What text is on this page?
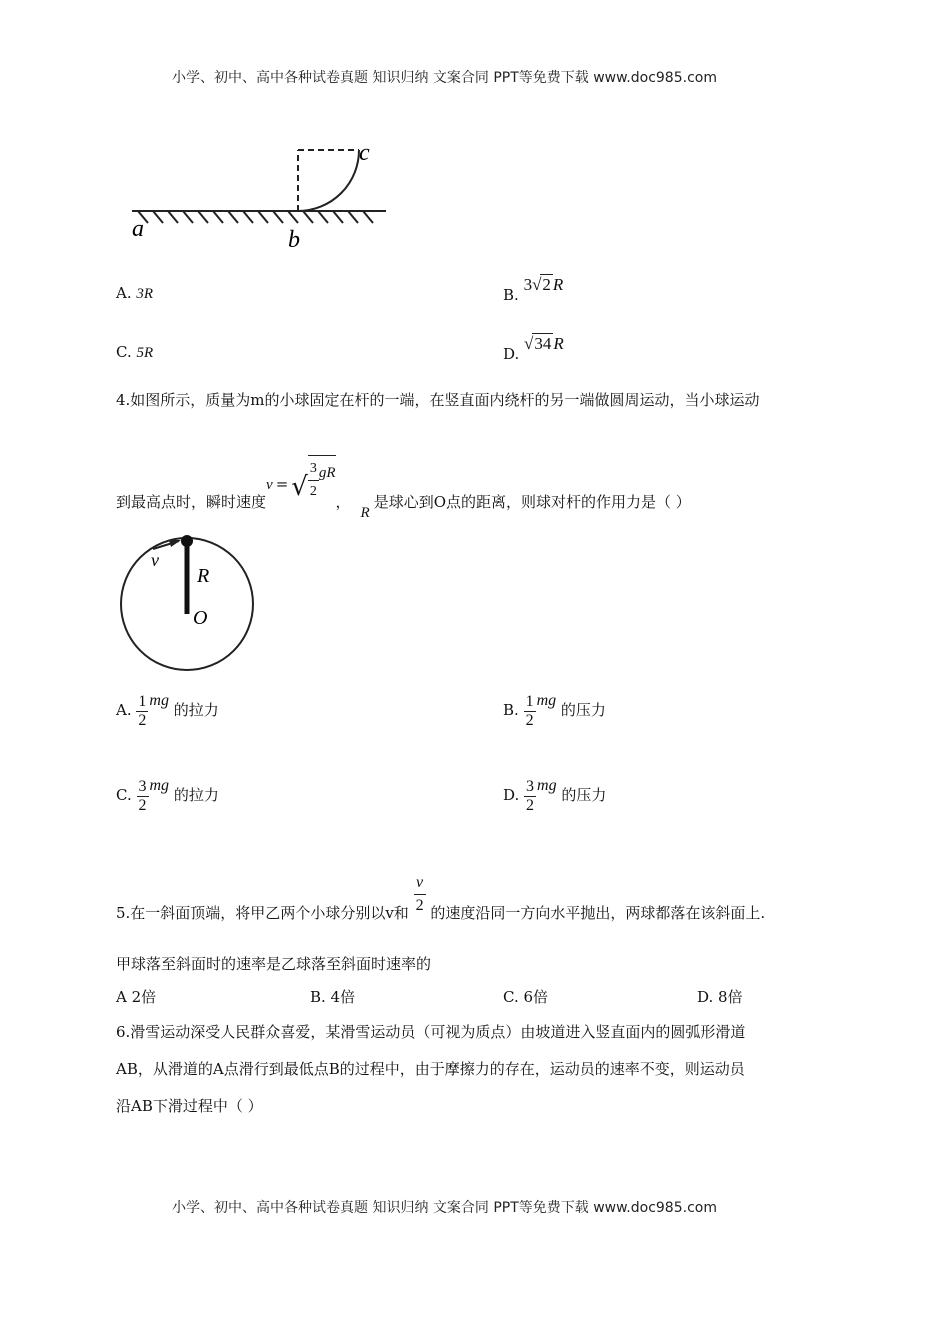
小学、初中、高中各种试卷真题 知识归纳 文案合同 PPT等免费下载 www.doc985.com
a	b
c
A. 3R	B. 3√2 R
C. 5R	D. √34 R
4.如图所示，质量为m的小球固定在杆的一端，在竖直面内绕杆的另一端做圆周运动，当小球运动
到最高点时，瞬时速度v = √ $\frac{3}{2}$ gR，R是球心到O点的距离，则球对杆的作用力是（ ）
v
R
O
A. $\frac{1}{2}$ mg 的拉力	B. $\frac{1}{2}$ mg 的压力
C. $\frac{3}{2}$ mg 的拉力	D. $\frac{3}{2}$ mg 的压力
5.在一斜面顶端，将甲乙两个小球分别以v和 $\frac{v}{2}$ 的速度沿同一方向水平抛出，两球都落在该斜面上.
甲球落至斜面时的速率是乙球落至斜面时速率的
A 2倍	B. 4倍	C. 6倍	D. 8倍
6.滑雪运动深受人民群众喜爱，某滑雪运动员（可视为质点）由坡道进入竖直面内的圆弧形滑道
AB，从滑道的A点滑行到最低点B的过程中，由于摩擦力的存在，运动员的速率不变，则运动员
沿AB下滑过程中（ ）
小学、初中、高中各种试卷真题 知识归纳 文案合同 PPT等免费下载 www.doc985.com
